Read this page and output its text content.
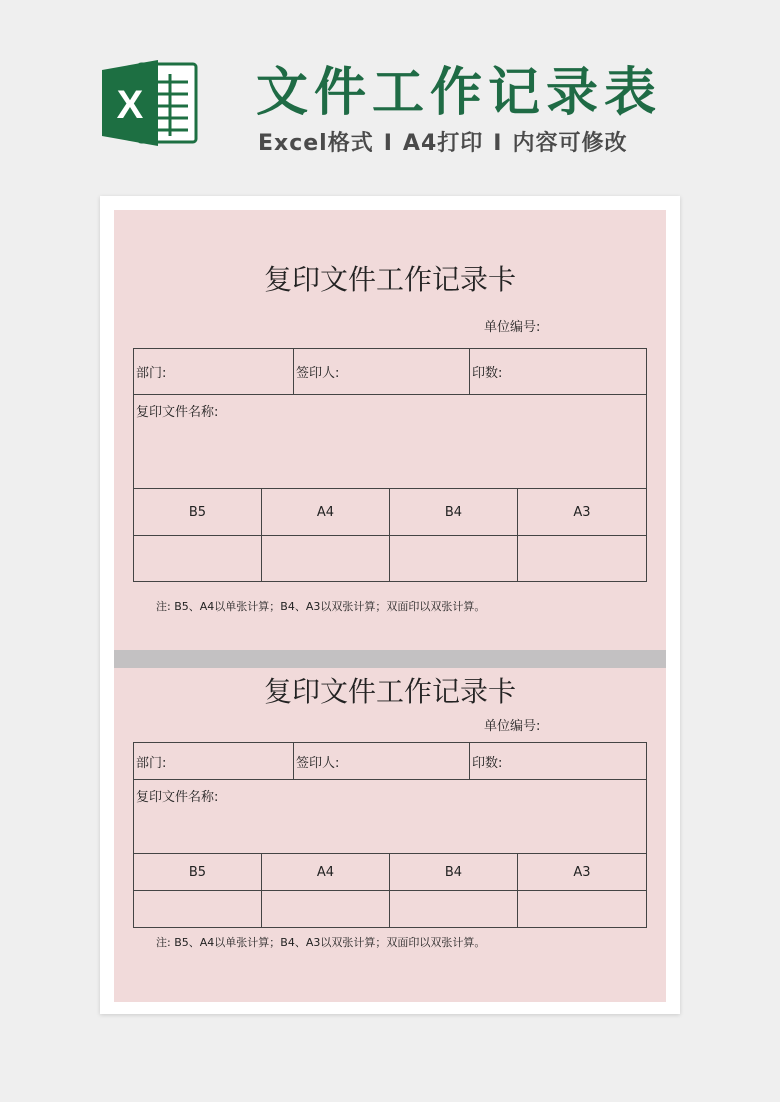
X 文件工作记录表
Excel格式 I A4打印 I 内容可修改
复印文件工作记录卡
单位编号:
部门:	签印人:	印数:
复印文件名称:
B5	A4	B4	A3

注: B5、A4以单张计算；B4、A3以双张计算；双面印以双张计算。
复印文件工作记录卡
单位编号:
部门:	签印人:	印数:
复印文件名称:
B5	A4	B4	A3

注: B5、A4以单张计算；B4、A3以双张计算；双面印以双张计算。
